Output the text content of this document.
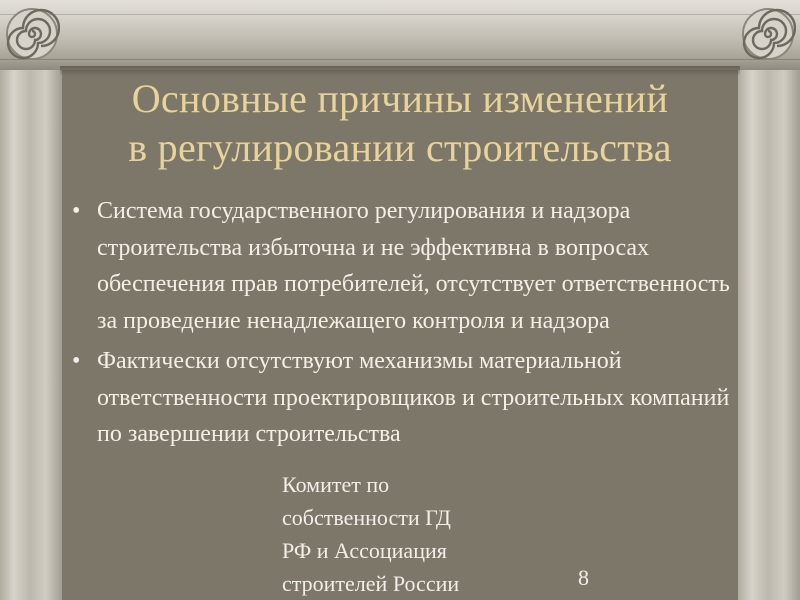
Основные причины изменений
в регулировании строительства
• Система государственного регулирования и надзора строительства избыточна и не эффективна в вопросах обеспечения прав потребителей, отсутствует ответственность за проведение ненадлежащего контроля и надзора
• Фактически отсутствуют механизмы материальной ответственности проектировщиков и строительных компаний по завершении строительства
Комитет по
собственности ГД
РФ и Ассоциация
строителей России	8
